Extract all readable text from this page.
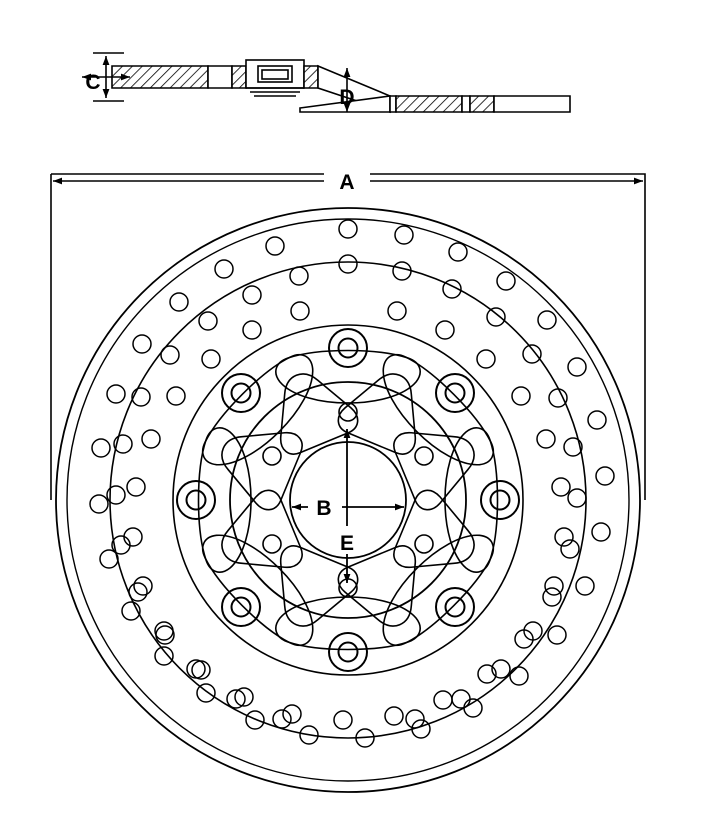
C
D
A
B
E
